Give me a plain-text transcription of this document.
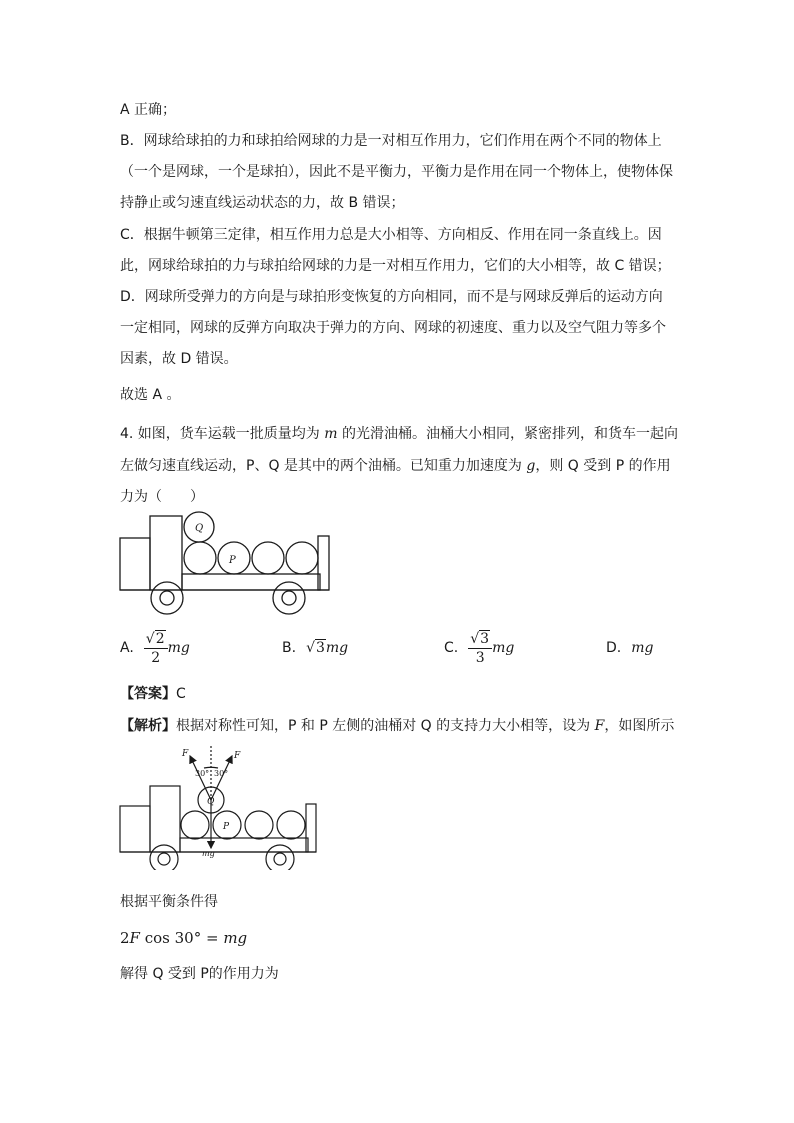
A 正确；
B．网球给球拍的力和球拍给网球的力是一对相互作用力，它们作用在两个不同的物体上
（一个是网球，一个是球拍），因此不是平衡力，平衡力是作用在同一个物体上，使物体保
持静止或匀速直线运动状态的力，故 B 错误；
C．根据牛顿第三定律，相互作用力总是大小相等、方向相反、作用在同一条直线上。因
此，网球给球拍的力与球拍给网球的力是一对相互作用力，它们的大小相等，故 C 错误；
D．网球所受弹力的方向是与球拍形变恢复的方向相同，而不是与网球反弹后的运动方向
一定相同，网球的反弹方向取决于弹力的方向、网球的初速度、重力以及空气阻力等多个
因素，故 D 错误。
故选 A 。
4. 如图，货车运载一批质量均为 m 的光滑油桶。油桶大小相同，紧密排列，和货车一起向
左做匀速直线运动，P、Q 是其中的两个油桶。已知重力加速度为 g，则 Q 受到 P 的作用
力为（　　）
Q
P
A. $\frac{√2}{2}$ mg	B. √3 mg	C. $\frac{√3}{3}$ mg	D. mg
【答案】C
【解析】根据对称性可知，P 和 P 左侧的油桶对 Q 的支持力大小相等，设为 F，如图所示
F	F
30° 30°
Q
P
mg
根据平衡条件得
2F cos 30° = mg
解得 Q 受到 P的作用力为
